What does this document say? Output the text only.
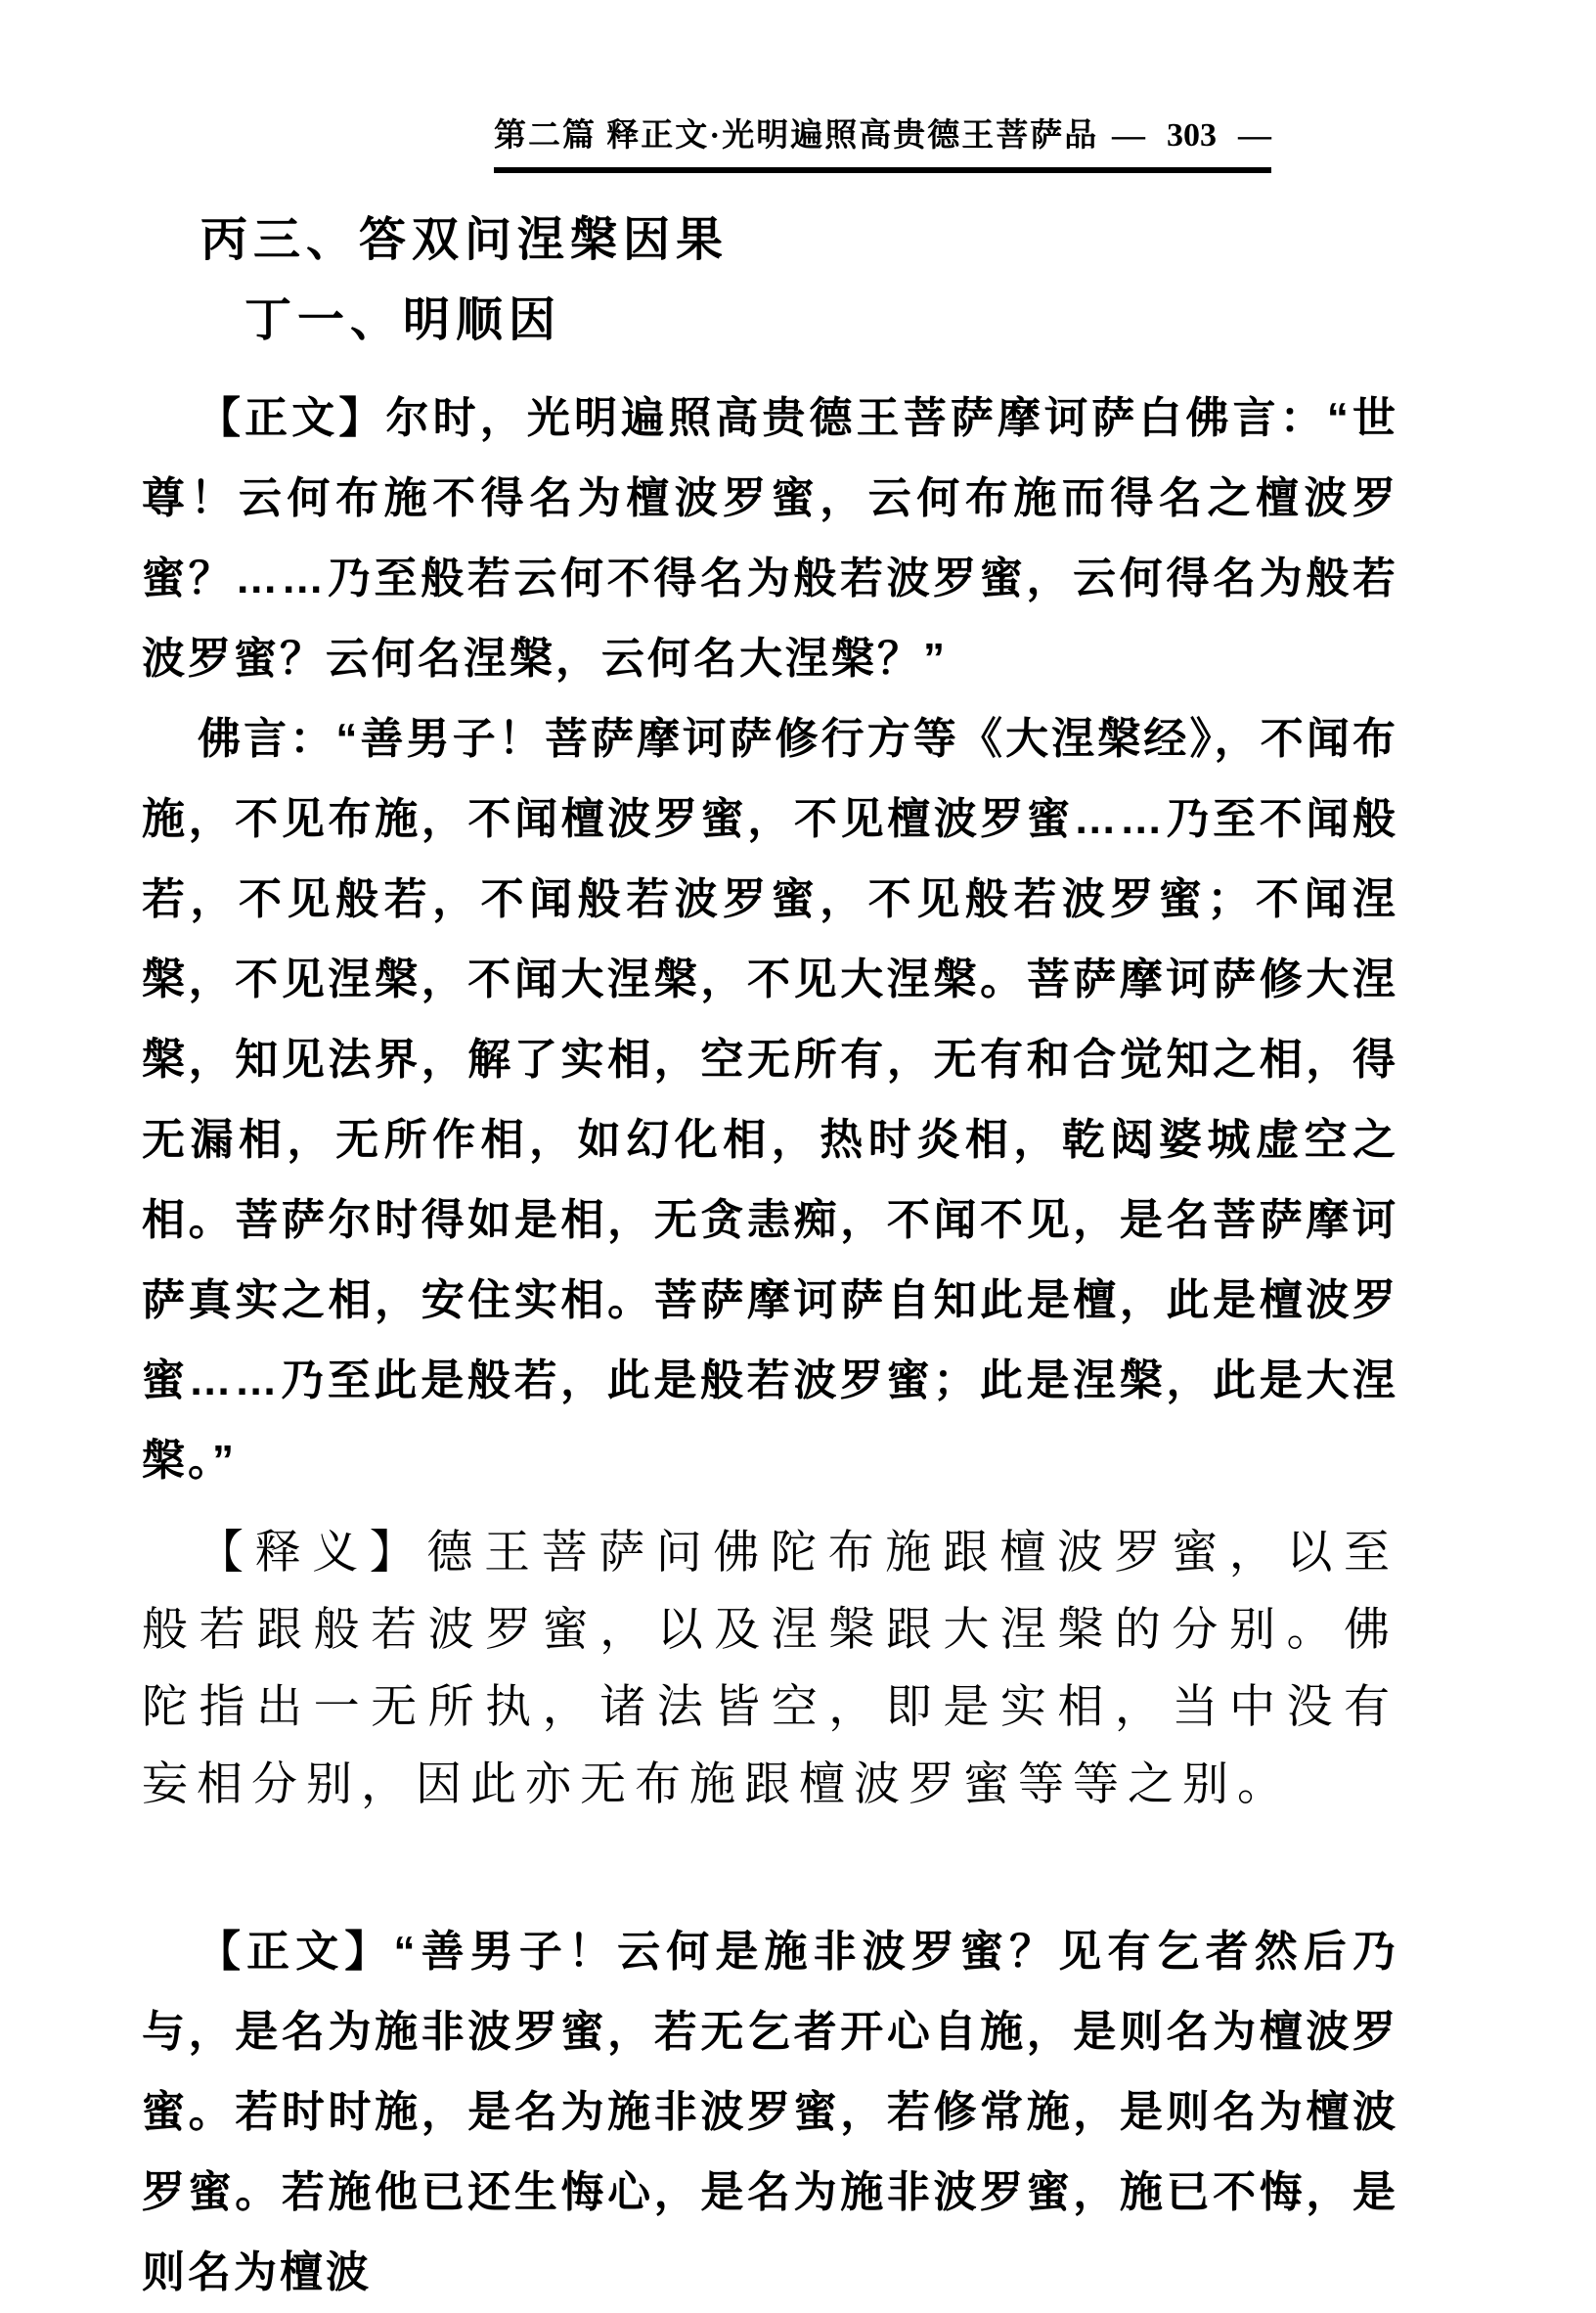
第二篇 释正文·光明遍照高贵德王菩萨品 — 303 —
丙三、答双问涅槃因果
丁一、明顺因

【正文】尔时，光明遍照高贵德王菩萨摩诃萨白佛言：“世尊！云何布施不得名为檀波罗蜜，云何布施而得名之檀波罗蜜？……乃至般若云何不得名为般若波罗蜜，云何得名为般若波罗蜜？云何名涅槃，云何名大涅槃？”

佛言：“善男子！菩萨摩诃萨修行方等《大涅槃经》，不闻布施，不见布施，不闻檀波罗蜜，不见檀波罗蜜……乃至不闻般若，不见般若，不闻般若波罗蜜，不见般若波罗蜜；不闻涅槃，不见涅槃，不闻大涅槃，不见大涅槃。菩萨摩诃萨修大涅槃，知见法界，解了实相，空无所有，无有和合觉知之相，得无漏相，无所作相，如幻化相，热时炎相，乾闼婆城虚空之相。菩萨尔时得如是相，无贪恚痴，不闻不见，是名菩萨摩诃萨真实之相，安住实相。菩萨摩诃萨自知此是檀，此是檀波罗蜜……乃至此是般若，此是般若波罗蜜；此是涅槃，此是大涅槃。”

【释义】德王菩萨问佛陀布施跟檀波罗蜜，以至般若跟般若波罗蜜，以及涅槃跟大涅槃的分别。佛陀指出一无所执，诸法皆空，即是实相，当中没有妄相分别，因此亦无布施跟檀波罗蜜等等之别。

【正文】“善男子！云何是施非波罗蜜？见有乞者然后乃与，是名为施非波罗蜜，若无乞者开心自施，是则名为檀波罗蜜。若时时施，是名为施非波罗蜜，若修常施，是则名为檀波罗蜜。若施他已还生悔心，是名为施非波罗蜜，施已不悔，是则名为檀波
